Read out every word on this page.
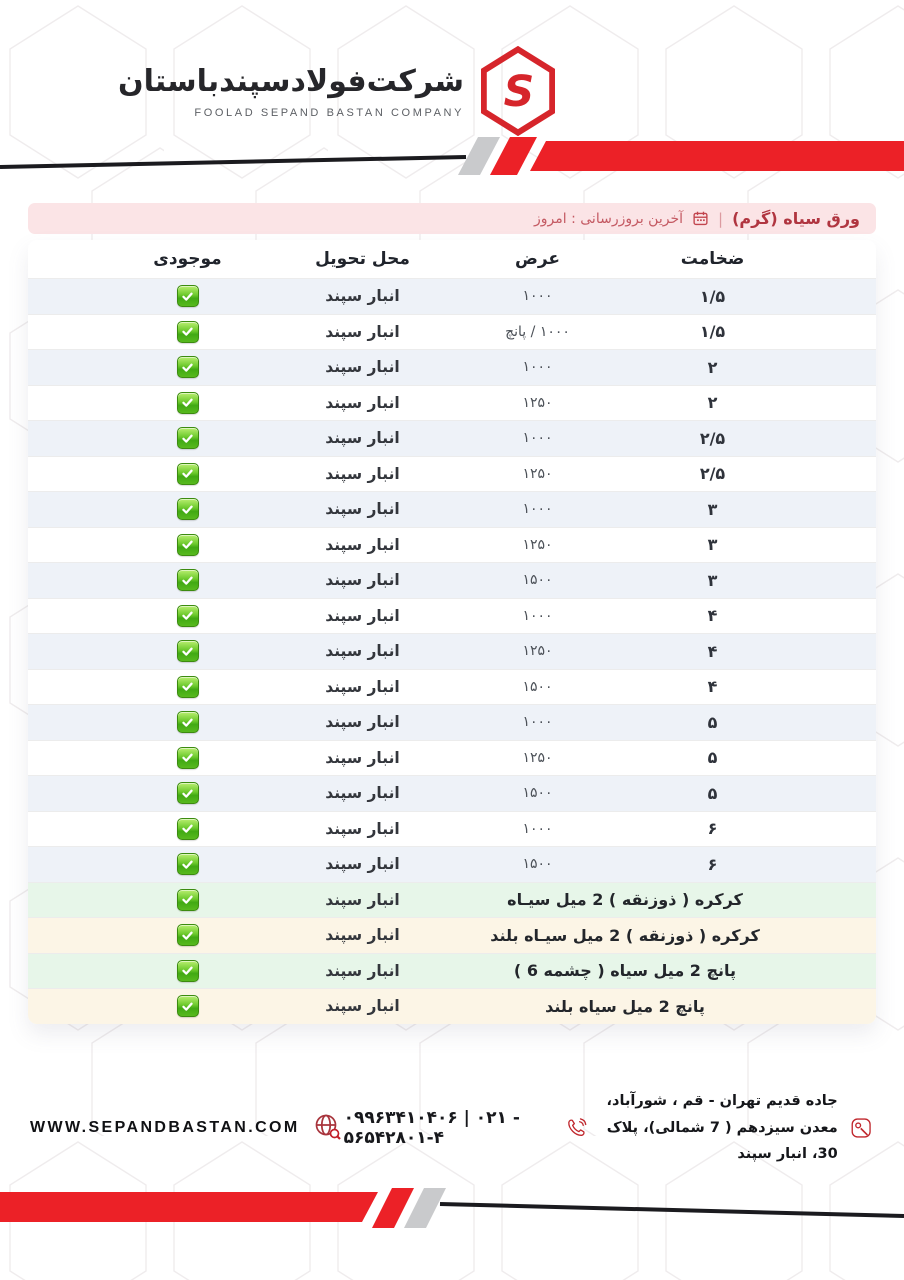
شرکت‌فولاد‌سپند‌باستان
FOOLAD SEPAND BASTAN COMPANY S
ورق سیاه (گرم)
|
آخرین بروزرسانی : امروز
ضخامت
عرض
محل تحویل
موجودی
۱/۵
۱۰۰۰
انبار سپند
۱/۵
۱۰۰۰ / پانچ
انبار سپند
۲
۱۰۰۰
انبار سپند
۲
۱۲۵۰
انبار سپند
۲/۵
۱۰۰۰
انبار سپند
۲/۵
۱۲۵۰
انبار سپند
۳
۱۰۰۰
انبار سپند
۳
۱۲۵۰
انبار سپند
۳
۱۵۰۰
انبار سپند
۴
۱۰۰۰
انبار سپند
۴
۱۲۵۰
انبار سپند
۴
۱۵۰۰
انبار سپند
۵
۱۰۰۰
انبار سپند
۵
۱۲۵۰
انبار سپند
۵
۱۵۰۰
انبار سپند
۶
۱۰۰۰
انبار سپند
۶
۱۵۰۰
انبار سپند
کرکره ( ذوزنقه ) 2 میل سیـاه
انبار سپند
کرکره ( ذوزنقه ) 2 میل سیـاه بلند
انبار سپند
پانچ 2 میل سیاه ( چشمه 6 )
انبار سپند
پانچ 2 میل سیاه بلند
انبار سپند
جاده قدیم تهران - قم ، شورآباد،
معدن سیزدهم ( 7 شمالی)، پلاک 30، انبار سپند
۰۹۹۶۳۴۱۰۴۰۶ | ۰۲۱ - ۵۶۵۴۲۸۰۱-۴
WWW.SEPANDBASTAN.COM
